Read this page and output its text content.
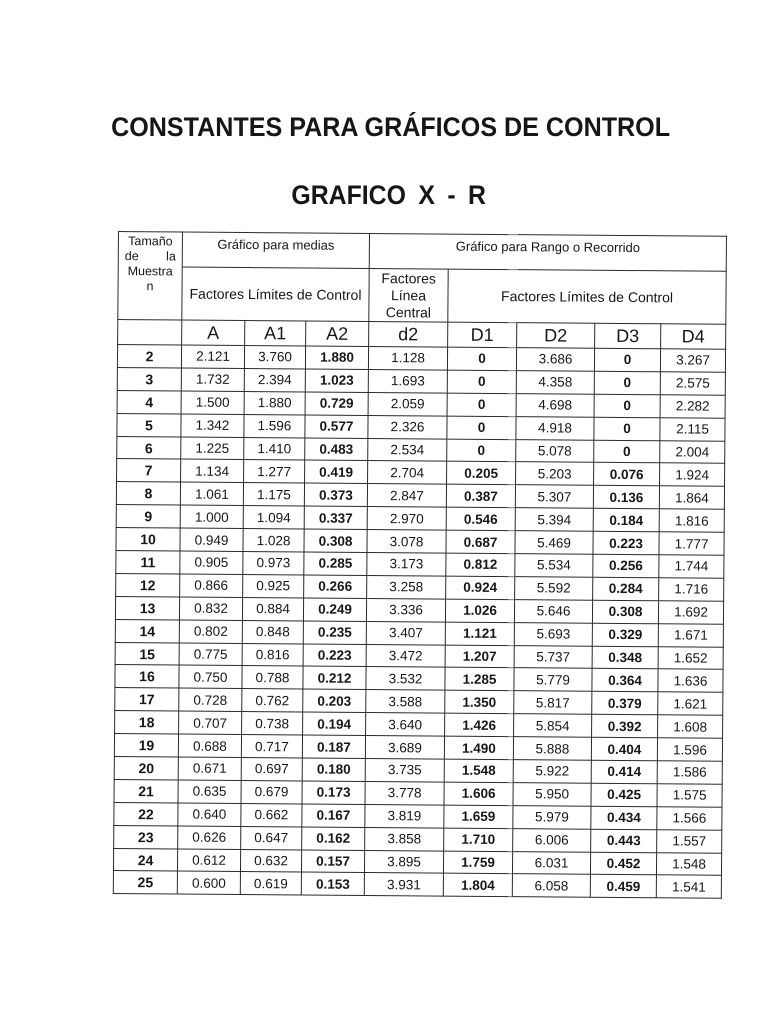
CONSTANTES PARA GRÁFICOS DE CONTROL
GRAFICO X - R
Tamaño
de la
Muestra
n	Gráfico para medias			Gráfico para Rango o Recorrido				
	Factores Límites de Control			Factores Línea Central	Factores Límites de Control			
	A	A1	A2	d2	D1	D2	D3	D4
2	2.121	3.760	1.880	1.128	0	3.686	0	3.267
3	1.732	2.394	1.023	1.693	0	4.358	0	2.575
4	1.500	1.880	0.729	2.059	0	4.698	0	2.282
5	1.342	1.596	0.577	2.326	0	4.918	0	2.115
6	1.225	1.410	0.483	2.534	0	5.078	0	2.004
7	1.134	1.277	0.419	2.704	0.205	5.203	0.076	1.924
8	1.061	1.175	0.373	2.847	0.387	5.307	0.136	1.864
9	1.000	1.094	0.337	2.970	0.546	5.394	0.184	1.816
10	0.949	1.028	0.308	3.078	0.687	5.469	0.223	1.777
11	0.905	0.973	0.285	3.173	0.812	5.534	0.256	1.744
12	0.866	0.925	0.266	3.258	0.924	5.592	0.284	1.716
13	0.832	0.884	0.249	3.336	1.026	5.646	0.308	1.692
14	0.802	0.848	0.235	3.407	1.121	5.693	0.329	1.671
15	0.775	0.816	0.223	3.472	1.207	5.737	0.348	1.652
16	0.750	0.788	0.212	3.532	1.285	5.779	0.364	1.636
17	0.728	0.762	0.203	3.588	1.350	5.817	0.379	1.621
18	0.707	0.738	0.194	3.640	1.426	5.854	0.392	1.608
19	0.688	0.717	0.187	3.689	1.490	5.888	0.404	1.596
20	0.671	0.697	0.180	3.735	1.548	5.922	0.414	1.586
21	0.635	0.679	0.173	3.778	1.606	5.950	0.425	1.575
22	0.640	0.662	0.167	3.819	1.659	5.979	0.434	1.566
23	0.626	0.647	0.162	3.858	1.710	6.006	0.443	1.557
24	0.612	0.632	0.157	3.895	1.759	6.031	0.452	1.548
25	0.600	0.619	0.153	3.931	1.804	6.058	0.459	1.541
